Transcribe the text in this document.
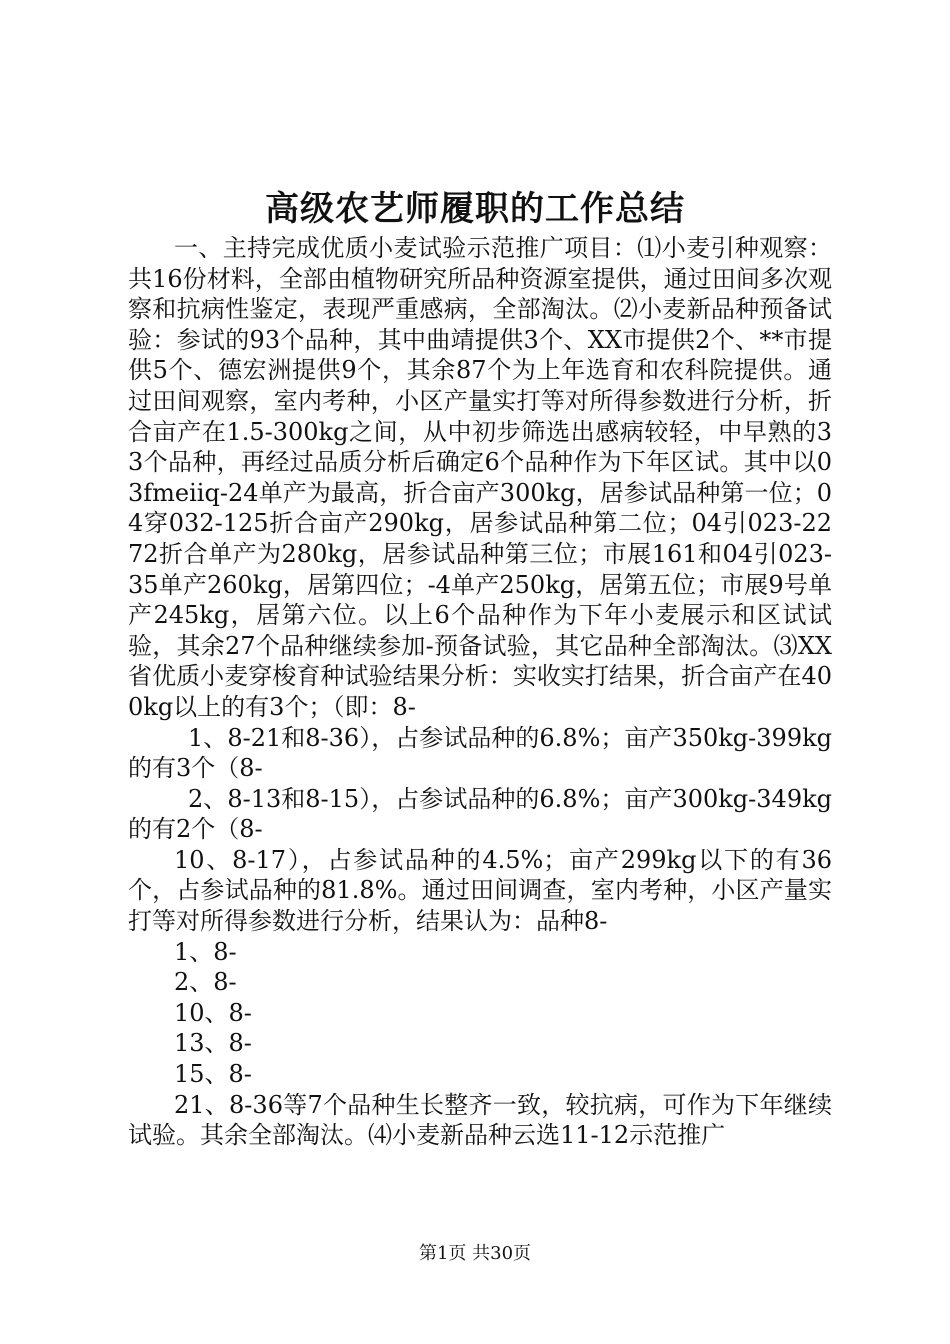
高级农艺师履职的工作总结

一、主持完成优质小麦试验示范推广项目：⑴小麦引种观察：共16份材料，全部由植物研究所品种资源室提供，通过田间多次观察和抗病性鉴定，表现严重感病，全部淘汰。⑵小麦新品种预备试验：参试的93个品种，其中曲靖提供3个、XX市提供2个、**市提供5个、德宏洲提供9个，其余87个为上年选育和农科院提供。通过田间观察，室内考种，小区产量实打等对所得参数进行分析，折合亩产在1.5-300kg之间，从中初步筛选出感病较轻，中早熟的33个品种，再经过品质分析后确定6个品种作为下年区试。其中以03fmeiiq-24单产为最高，折合亩产300kg，居参试品种第一位；04穿032-125折合亩产290kg，居参试品种第二位；04引023-2272折合单产为280kg，居参试品种第三位；市展161和04引023-35单产260kg，居第四位；-4单产250kg，居第五位；市展9号单产245kg，居第六位。以上6个品种作为下年小麦展示和区试试验，其余27个品种继续参加-预备试验，其它品种全部淘汰。⑶XX省优质小麦穿梭育种试验结果分析：实收实打结果，折合亩产在400kg以上的有3个；（即：8-

1、8-21和8-36），占参试品种的6.8%；亩产350kg-399kg的有3个（8-

2、8-13和8-15），占参试品种的6.8%；亩产300kg-349kg的有2个（8-

10、8-17），占参试品种的4.5%；亩产299kg以下的有36个，占参试品种的81.8%。通过田间调查，室内考种，小区产量实打等对所得参数进行分析，结果认为：品种8-

1、8-

2、8-

10、8-

13、8-

15、8-

21、8-36等7个品种生长整齐一致，较抗病，可作为下年继续试验。其余全部淘汰。⑷小麦新品种云选11-12示范推广

第1页 共30页
